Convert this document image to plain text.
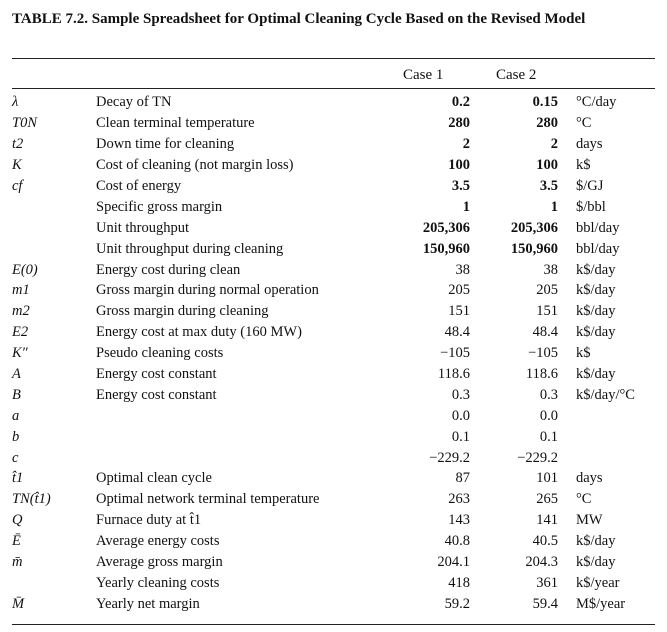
TABLE 7.2. Sample Spreadsheet for Optimal Cleaning Cycle Based on the Revised Model
Case 1	Case 2
λ	Decay of TN	0.2	0.15	°C/day
T0N	Clean terminal temperature	280	280	°C
t2	Down time for cleaning	2	2	days
K	Cost of cleaning (not margin loss)	100	100	k$
cf	Cost of energy	3.5	3.5	$/GJ
	Specific gross margin	1	1	$/bbl
	Unit throughput	205,306	205,306	bbl/day
	Unit throughput during cleaning	150,960	150,960	bbl/day
E(0)	Energy cost during clean	38	38	k$/day
m1	Gross margin during normal operation	205	205	k$/day
m2	Gross margin during cleaning	151	151	k$/day
E2	Energy cost at max duty (160 MW)	48.4	48.4	k$/day
K″	Pseudo cleaning costs	−105	−105	k$
A	Energy cost constant	118.6	118.6	k$/day
B	Energy cost constant	0.3	0.3	k$/day/°C
a		0.0	0.0	
b		0.1	0.1	
c		−229.2	−229.2	
t̂1	Optimal clean cycle	87	101	days
TN(t̂1)	Optimal network terminal temperature	263	265	°C
Q	Furnace duty at t̂1	143	141	MW
Ē	Average energy costs	40.8	40.5	k$/day
m̄	Average gross margin	204.1	204.3	k$/day
	Yearly cleaning costs	418	361	k$/year
M̄	Yearly net margin	59.2	59.4	M$/year
